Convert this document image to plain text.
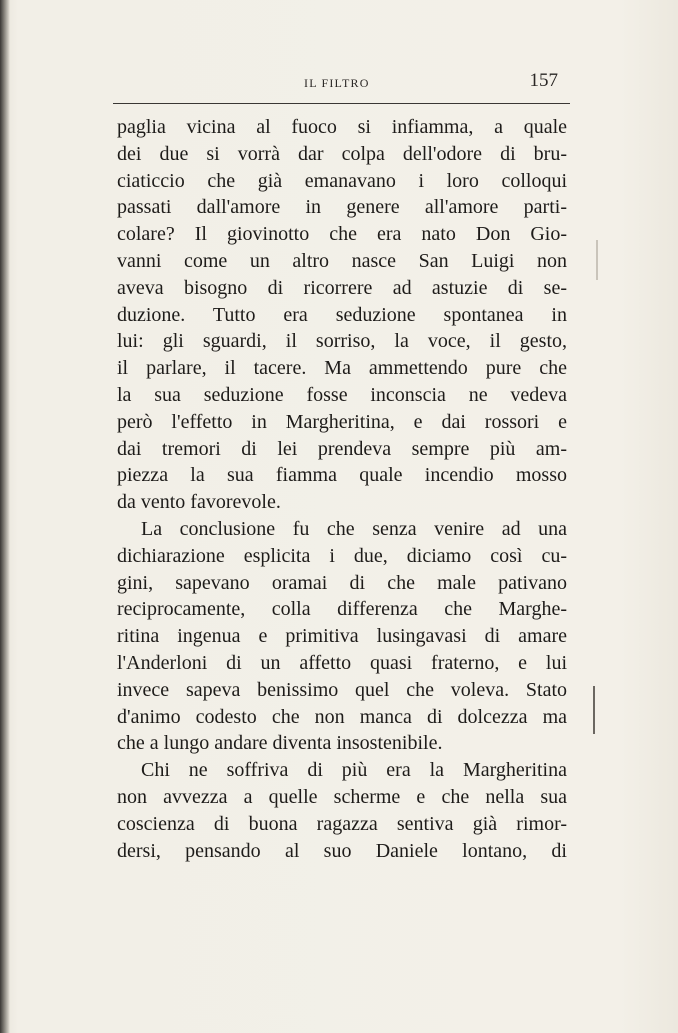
IL FILTRO	157
paglia vicina al fuoco si infiamma, a quale
dei due si vorrà dar colpa dell'odore di bru-
ciaticcio che già emanavano i loro colloqui
passati dall'amore in genere all'amore parti-
colare? Il giovinotto che era nato Don Gio-
vanni come un altro nasce San Luigi non
aveva bisogno di ricorrere ad astuzie di se-
duzione. Tutto era seduzione spontanea in
lui: gli sguardi, il sorriso, la voce, il gesto,
il parlare, il tacere. Ma ammettendo pure che
la sua seduzione fosse inconscia ne vedeva
però l'effetto in Margheritina, e dai rossori e
dai tremori di lei prendeva sempre più am-
piezza la sua fiamma quale incendio mosso
da vento favorevole.
La conclusione fu che senza venire ad una
dichiarazione esplicita i due, diciamo così cu-
gini, sapevano oramai di che male pativano
reciprocamente, colla differenza che Marghe-
ritina ingenua e primitiva lusingavasi di amare
l'Anderloni di un affetto quasi fraterno, e lui
invece sapeva benissimo quel che voleva. Stato
d'animo codesto che non manca di dolcezza ma
che a lungo andare diventa insostenibile.
Chi ne soffriva di più era la Margheritina
non avvezza a quelle scherme e che nella sua
coscienza di buona ragazza sentiva già rimor-
dersi, pensando al suo Daniele lontano, di
